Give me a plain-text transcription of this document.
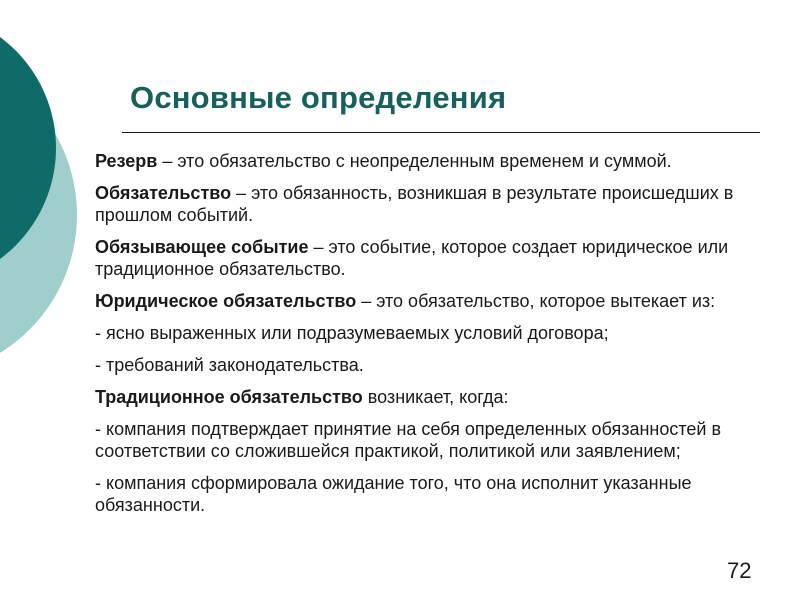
Основные определения

Резерв – это обязательство с неопределенным временем и суммой.

Обязательство – это обязанность, возникшая в результате происшедших в прошлом событий.

Обязывающее событие – это событие, которое создает юридическое или традиционное обязательство.

Юридическое обязательство – это обязательство, которое вытекает из:

- ясно выраженных или подразумеваемых условий договора;

- требований законодательства.

Традиционное обязательство возникает, когда:

- компания подтверждает принятие на себя определенных обязанностей в соответствии со сложившейся практикой, политикой или заявлением;

- компания сформировала ожидание того, что она исполнит указанные обязанности.

72
